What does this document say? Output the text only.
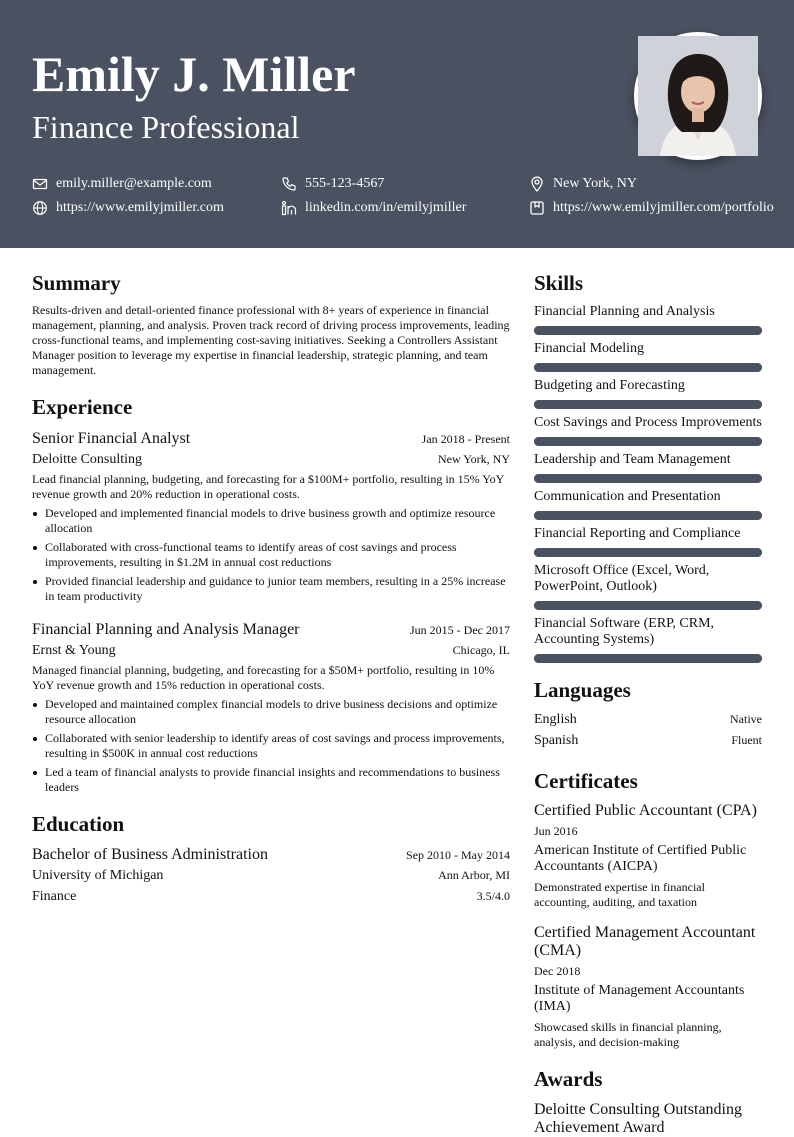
Emily J. Miller
Finance Professional
emily.miller@example.com	555-123-4567	New York, NY
https://www.emilyjmiller.com	linkedin.com/in/emilyjmiller	https://www.emilyjmiller.com/portfolio
Summary

Results-driven and detail-oriented finance professional with 8+ years of experience in financial management, planning, and analysis. Proven track record of driving process improvements, leading cross-functional teams, and implementing cost-saving initiatives. Seeking a Controllers Assistant Manager position to leverage my expertise in financial leadership, strategic planning, and team management.

Experience
Senior Financial Analyst	Jan 2018 - Present
Deloitte Consulting	New York, NY

Lead financial planning, budgeting, and forecasting for a $100M+ portfolio, resulting in 15% YoY revenue growth and 20% reduction in operational costs.

Developed and implemented financial models to drive business growth and optimize resource allocation
Collaborated with cross-functional teams to identify areas of cost savings and process improvements, resulting in $1.2M in annual cost reductions
Provided financial leadership and guidance to junior team members, resulting in a 25% increase in team productivity
Financial Planning and Analysis Manager	Jun 2015 - Dec 2017
Ernst & Young	Chicago, IL

Managed financial planning, budgeting, and forecasting for a $50M+ portfolio, resulting in 10% YoY revenue growth and 15% reduction in operational costs.

Developed and maintained complex financial models to drive business decisions and optimize resource allocation
Collaborated with senior leadership to identify areas of cost savings and process improvements, resulting in $500K in annual cost reductions
Led a team of financial analysts to provide financial insights and recommendations to business leaders
Education
Bachelor of Business Administration	Sep 2010 - May 2014
University of Michigan	Ann Arbor, MI
Finance	3.5/4.0
Skills
Financial Planning and Analysis
Financial Modeling
Budgeting and Forecasting
Cost Savings and Process Improvements
Leadership and Team Management
Communication and Presentation
Financial Reporting and Compliance
Microsoft Office (Excel, Word, PowerPoint, Outlook)
Financial Software (ERP, CRM, Accounting Systems)
Languages
English	Native
Spanish	Fluent
Certificates
Certified Public Accountant (CPA)
Jun 2016
American Institute of Certified Public Accountants (AICPA)
Demonstrated expertise in financial accounting, auditing, and taxation
Certified Management Accountant (CMA)
Dec 2018
Institute of Management Accountants (IMA)
Showcased skills in financial planning, analysis, and decision-making
Awards
Deloitte Consulting Outstanding Achievement Award
